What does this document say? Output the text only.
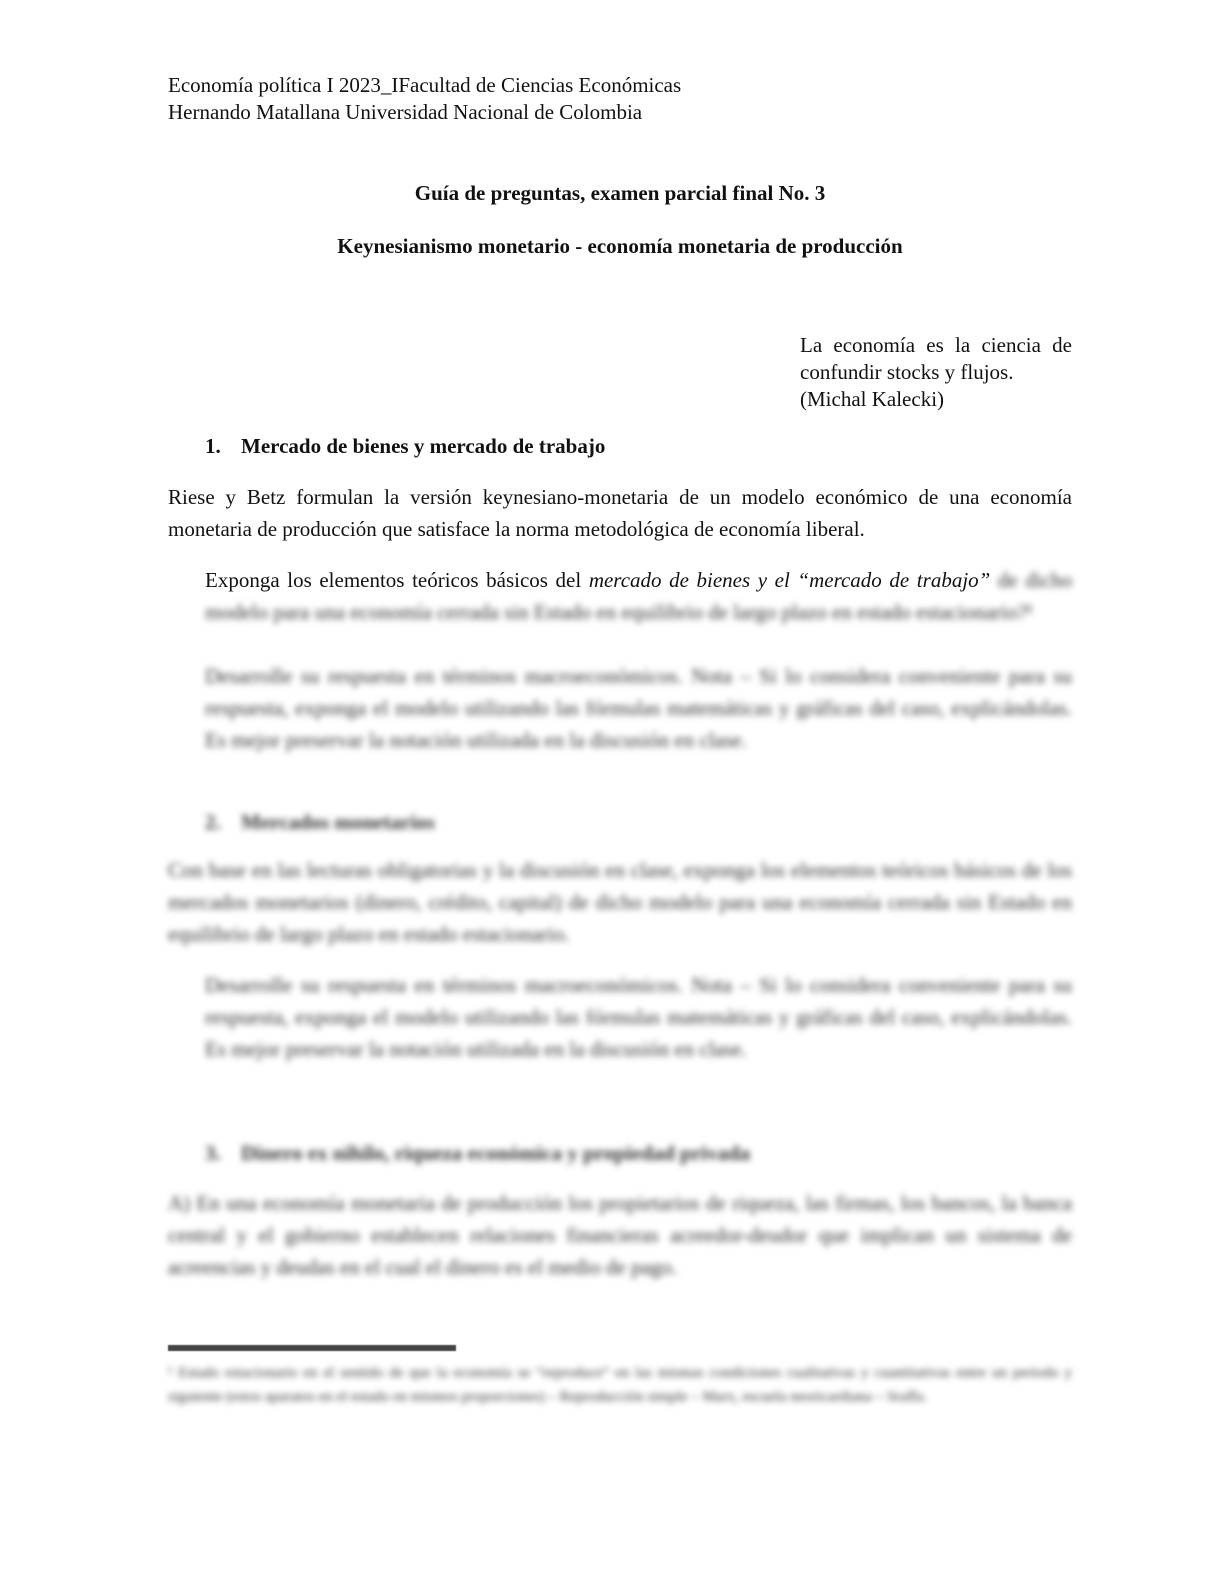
Economía política I 2023_IFacultad de Ciencias Económicas
Hernando Matallana Universidad Nacional de Colombia
Guía de preguntas, examen parcial final No. 3
Keynesianismo monetario - economía monetaria de producción
La economía es la ciencia de confundir stocks y flujos.
(Michal Kalecki)
1. Mercado de bienes y mercado de trabajo
Riese y Betz formulan la versión keynesiano-monetaria de un modelo económico de una economía monetaria de producción que satisface la norma metodológica de economía liberal.
Exponga los elementos teóricos básicos del mercado de bienes y el “mercado de trabajo” de dicho modelo para una economía cerrada sin Estado en equilibrio de largo plazo en estado estacionario?¹
Desarrolle su respuesta en términos macroeconómicos. Nota – Si lo considera conveniente para su respuesta, exponga el modelo utilizando las fórmulas matemáticas y gráficas del caso, explicándolas. Es mejor preservar la notación utilizada en la discusión en clase.
2. Mercados monetarios
Con base en las lecturas obligatorias y la discusión en clase, exponga los elementos teóricos básicos de los mercados monetarios (dinero, crédito, capital) de dicho modelo para una economía cerrada sin Estado en equilibrio de largo plazo en estado estacionario.
Desarrolle su respuesta en términos macroeconómicos. Nota – Si lo considera conveniente para su respuesta, exponga el modelo utilizando las fórmulas matemáticas y gráficas del caso, explicándolas. Es mejor preservar la notación utilizada en la discusión en clase.
3. Dinero ex nihilo, riqueza económica y propiedad privada
A) En una economía monetaria de producción los propietarios de riqueza, las firmas, los bancos, la banca central y el gobierno establecen relaciones financieras acreedor-deudor que implican un sistema de acreencias y deudas en el cual el dinero es el medio de pago.
¹ Estado estacionario en el sentido de que la economía se “reproduce” en las mismas condiciones cualitativas y cuantitativas entre un periodo y siguiente (estos aparatos en el estado en mismos proporciones) – Reproducción simple – Marx, escuela neoricardiana – Sraffa.
